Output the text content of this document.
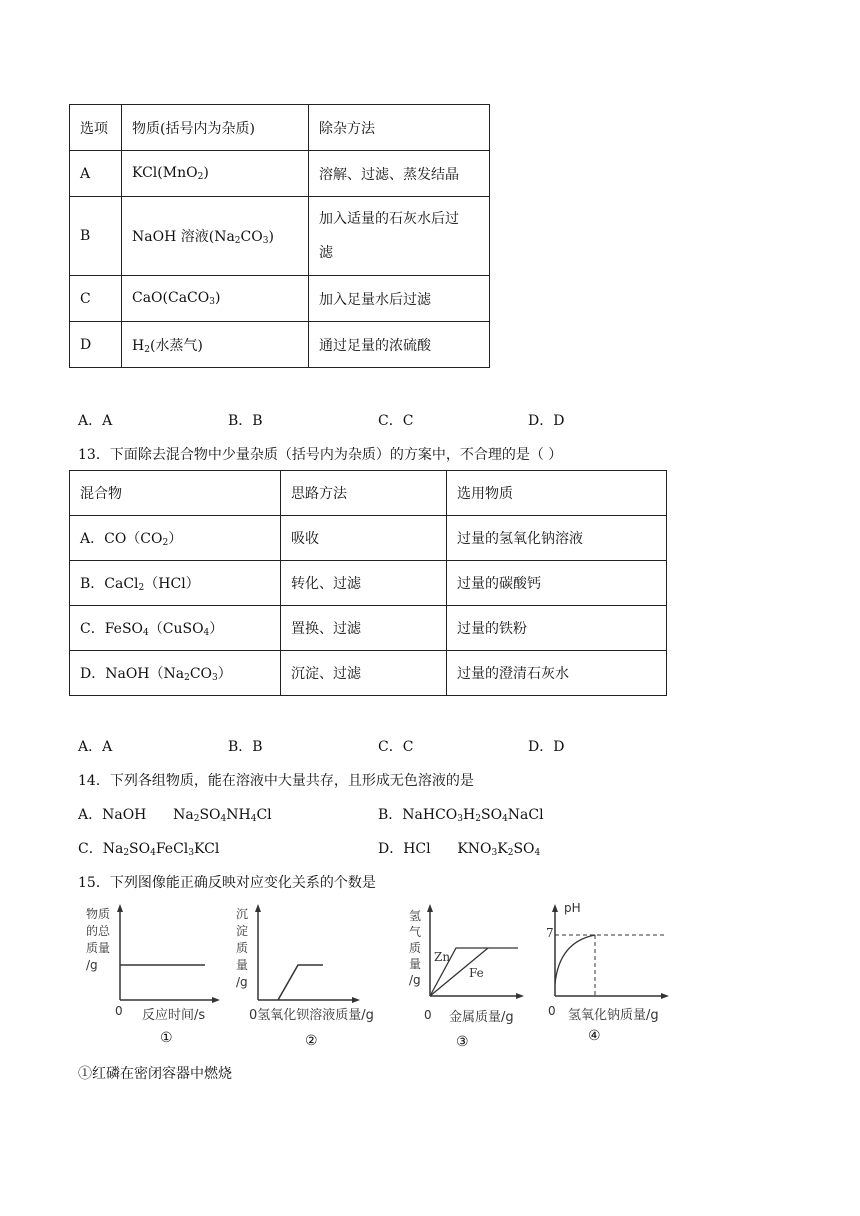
选项	物质(括号内为杂质)	除杂方法
A	KCl(MnO$_2$)	溶解、过滤、蒸发结晶
B	NaOH 溶液$(Na_2CO_3)$	加入适量的石灰水后过
滤
C	CaO(CaCO$_3$)	加入足量水后过滤
D	$H_2$(水蒸气)	通过足量的浓硫酸
A．A	B．B	C．C	D．D
13．下面除去混合物中少量杂质（括号内为杂质）的方案中，不合理的是（ ）
混合物	思路方法	选用物质
A．$CO(CO_2)$	吸收	过量的氢氧化钠溶液
B．CaCl$_2$（HCl）	转化、过滤	过量的碳酸钙
C．FeSO$_4$（CuSO$_4$）	置换、过滤	过量的铁粉
D．$NaOH(Na_2CO_3)$	沉淀、过滤	过量的澄清石灰水
A．A	B．B	C．C	D．D
14．下列各组物质，能在溶液中大量共存，且形成无色溶液的是
A．NaOH      $Na_2SO_4NH_4Cl$	B．$NaHCO_3H_2SO_4NaCl$
C．$Na_2SO_4FeCl_3KCl$	D．HCl      $KNO_3K_2SO_4$
15．下列图像能正确反映对应变化关系的个数是
物质
的总
质量
/g
0 反应时间/s
①
沉
淀
质
量
/g
0氢氧化钡溶液质量/g
②
氢
气
质
量
/g
Zn
Fe
0 金属质量/g
③
pH
7
0 氢氧化钠质量/g
④
①红磷在密闭容器中燃烧
